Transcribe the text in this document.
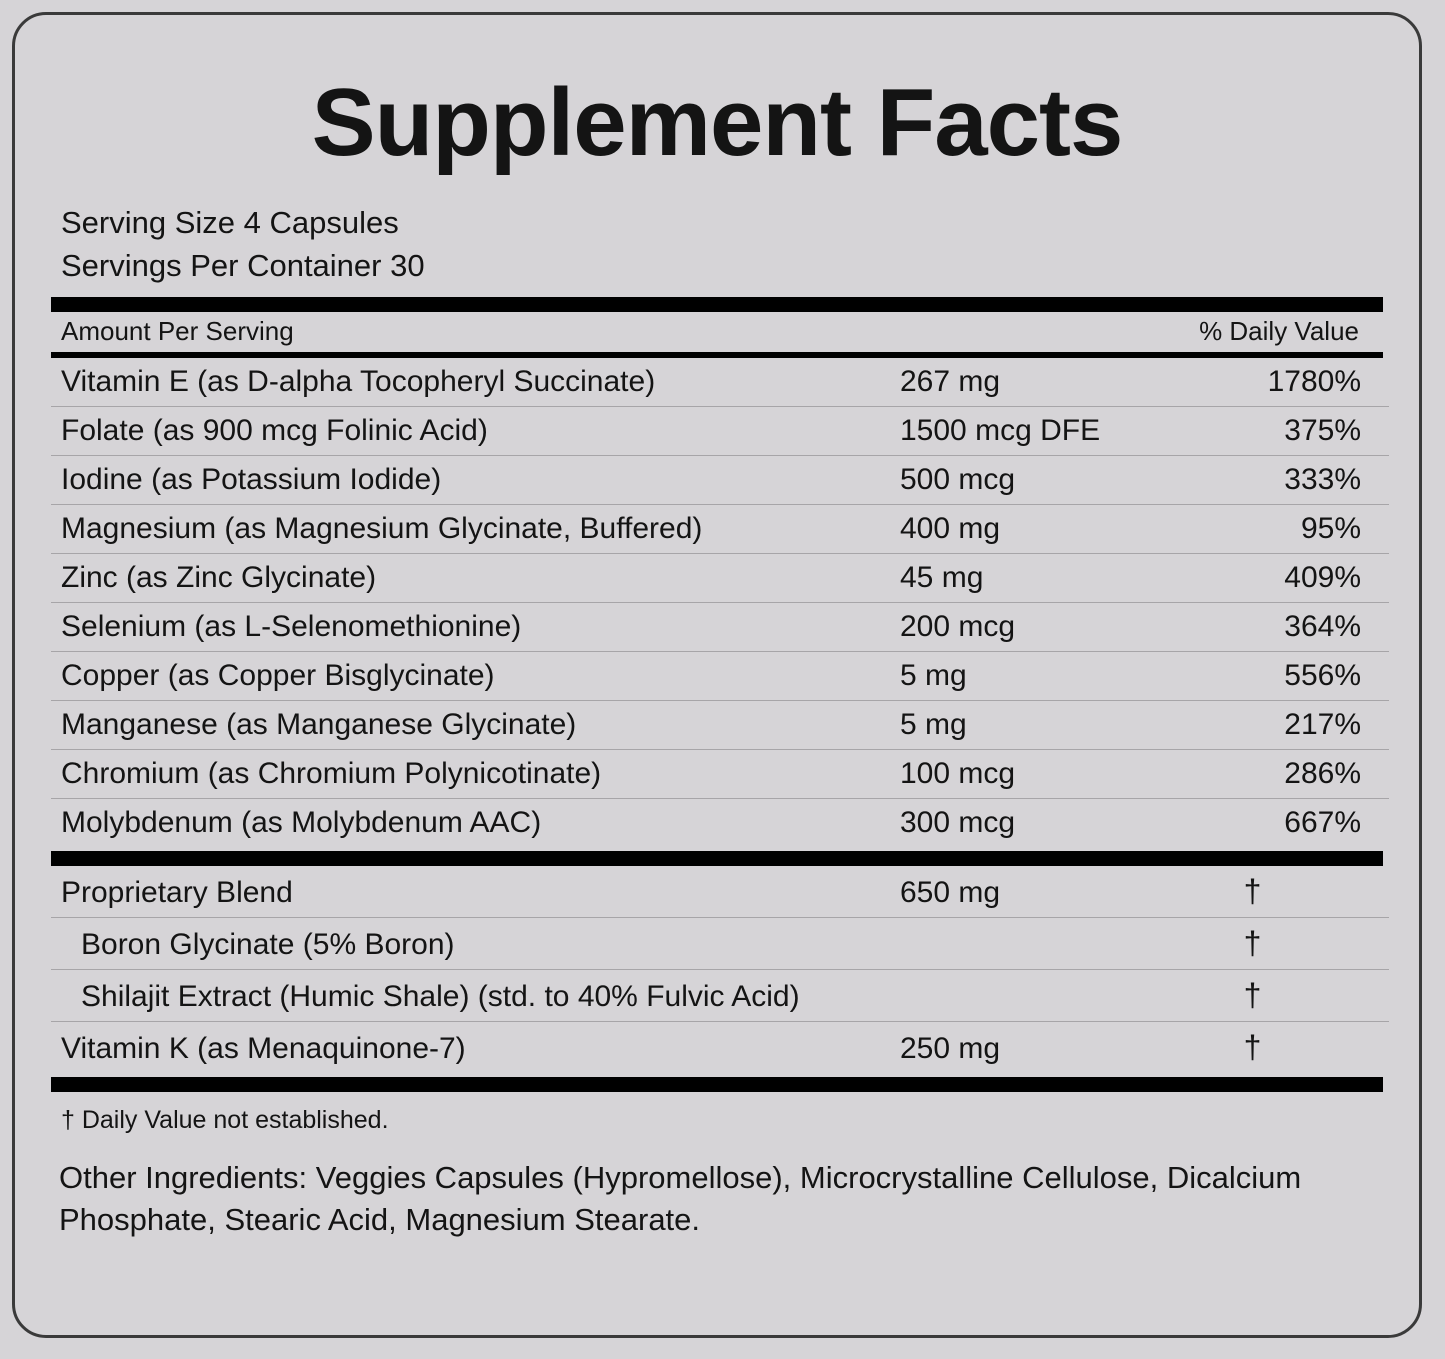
Supplement Facts
Serving Size 4 Capsules
Servings Per Container 30
Amount Per Serving		% Daily Value
Vitamin E (as D-alpha Tocopheryl Succinate)	267 mg	1780%
Folate (as 900 mcg Folinic Acid)	1500 mcg DFE	375%
Iodine (as Potassium Iodide)	500 mcg	333%
Magnesium (as Magnesium Glycinate, Buffered)	400 mg	95%
Zinc (as Zinc Glycinate)	45 mg	409%
Selenium (as L-Selenomethionine)	200 mcg	364%
Copper (as Copper Bisglycinate)	5 mg	556%
Manganese (as Manganese Glycinate)	5 mg	217%
Chromium (as Chromium Polynicotinate)	100 mcg	286%
Molybdenum (as Molybdenum AAC)	300 mcg	667%
Proprietary Blend	650 mg	†
Boron Glycinate (5% Boron)		†
Shilajit Extract (Humic Shale) (std. to 40% Fulvic Acid)		†
Vitamin K (as Menaquinone-7)	250 mg	†
† Daily Value not established.
Other Ingredients: Veggies Capsules (Hypromellose), Microcrystalline Cellulose, Dicalcium Phosphate, Stearic Acid, Magnesium Stearate.
